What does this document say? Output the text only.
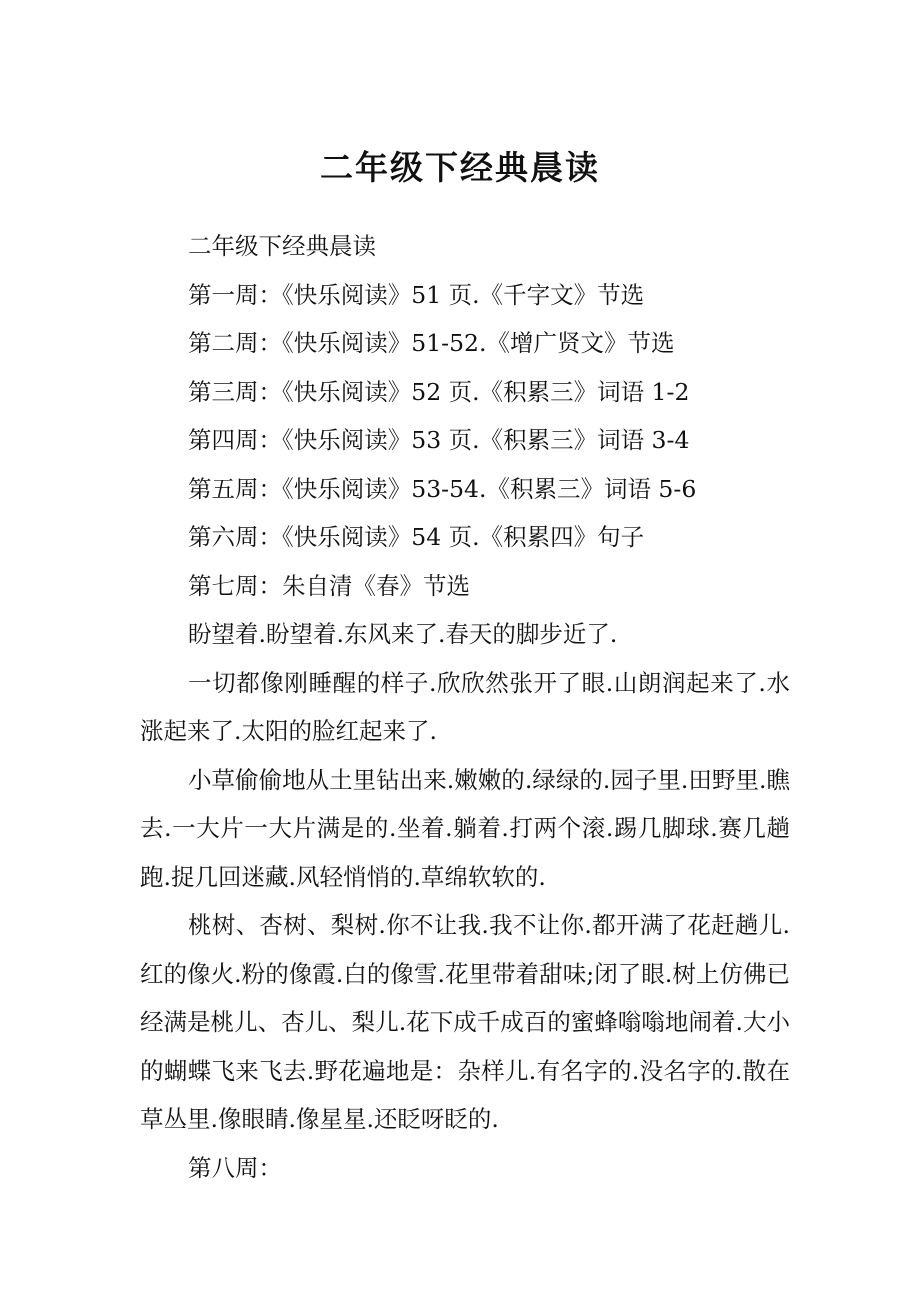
二年级下经典晨读

二年级下经典晨读

第一周：《快乐阅读》51 页.《千字文》节选

第二周：《快乐阅读》51-52.《增广贤文》节选

第三周：《快乐阅读》52 页.《积累三》词语 1-2

第四周：《快乐阅读》53 页.《积累三》词语 3-4

第五周：《快乐阅读》53-54.《积累三》词语 5-6

第六周：《快乐阅读》54 页.《积累四》句子

第七周：朱自清《春》节选

盼望着.盼望着.东风来了.春天的脚步近了.

一切都像刚睡醒的样子.欣欣然张开了眼.山朗润起来了.水涨起来了.太阳的脸红起来了.

小草偷偷地从土里钻出来.嫩嫩的.绿绿的.园子里.田野里.瞧去.一大片一大片满是的.坐着.躺着.打两个滚.踢几脚球.赛几趟跑.捉几回迷藏.风轻悄悄的.草绵软软的.

桃树、杏树、梨树.你不让我.我不让你.都开满了花赶趟儿.红的像火.粉的像霞.白的像雪.花里带着甜味;闭了眼.树上仿佛已经满是桃儿、杏儿、梨儿.花下成千成百的蜜蜂嗡嗡地闹着.大小的蝴蝶飞来飞去.野花遍地是：杂样儿.有名字的.没名字的.散在草丛里.像眼睛.像星星.还眨呀眨的.

第八周：
